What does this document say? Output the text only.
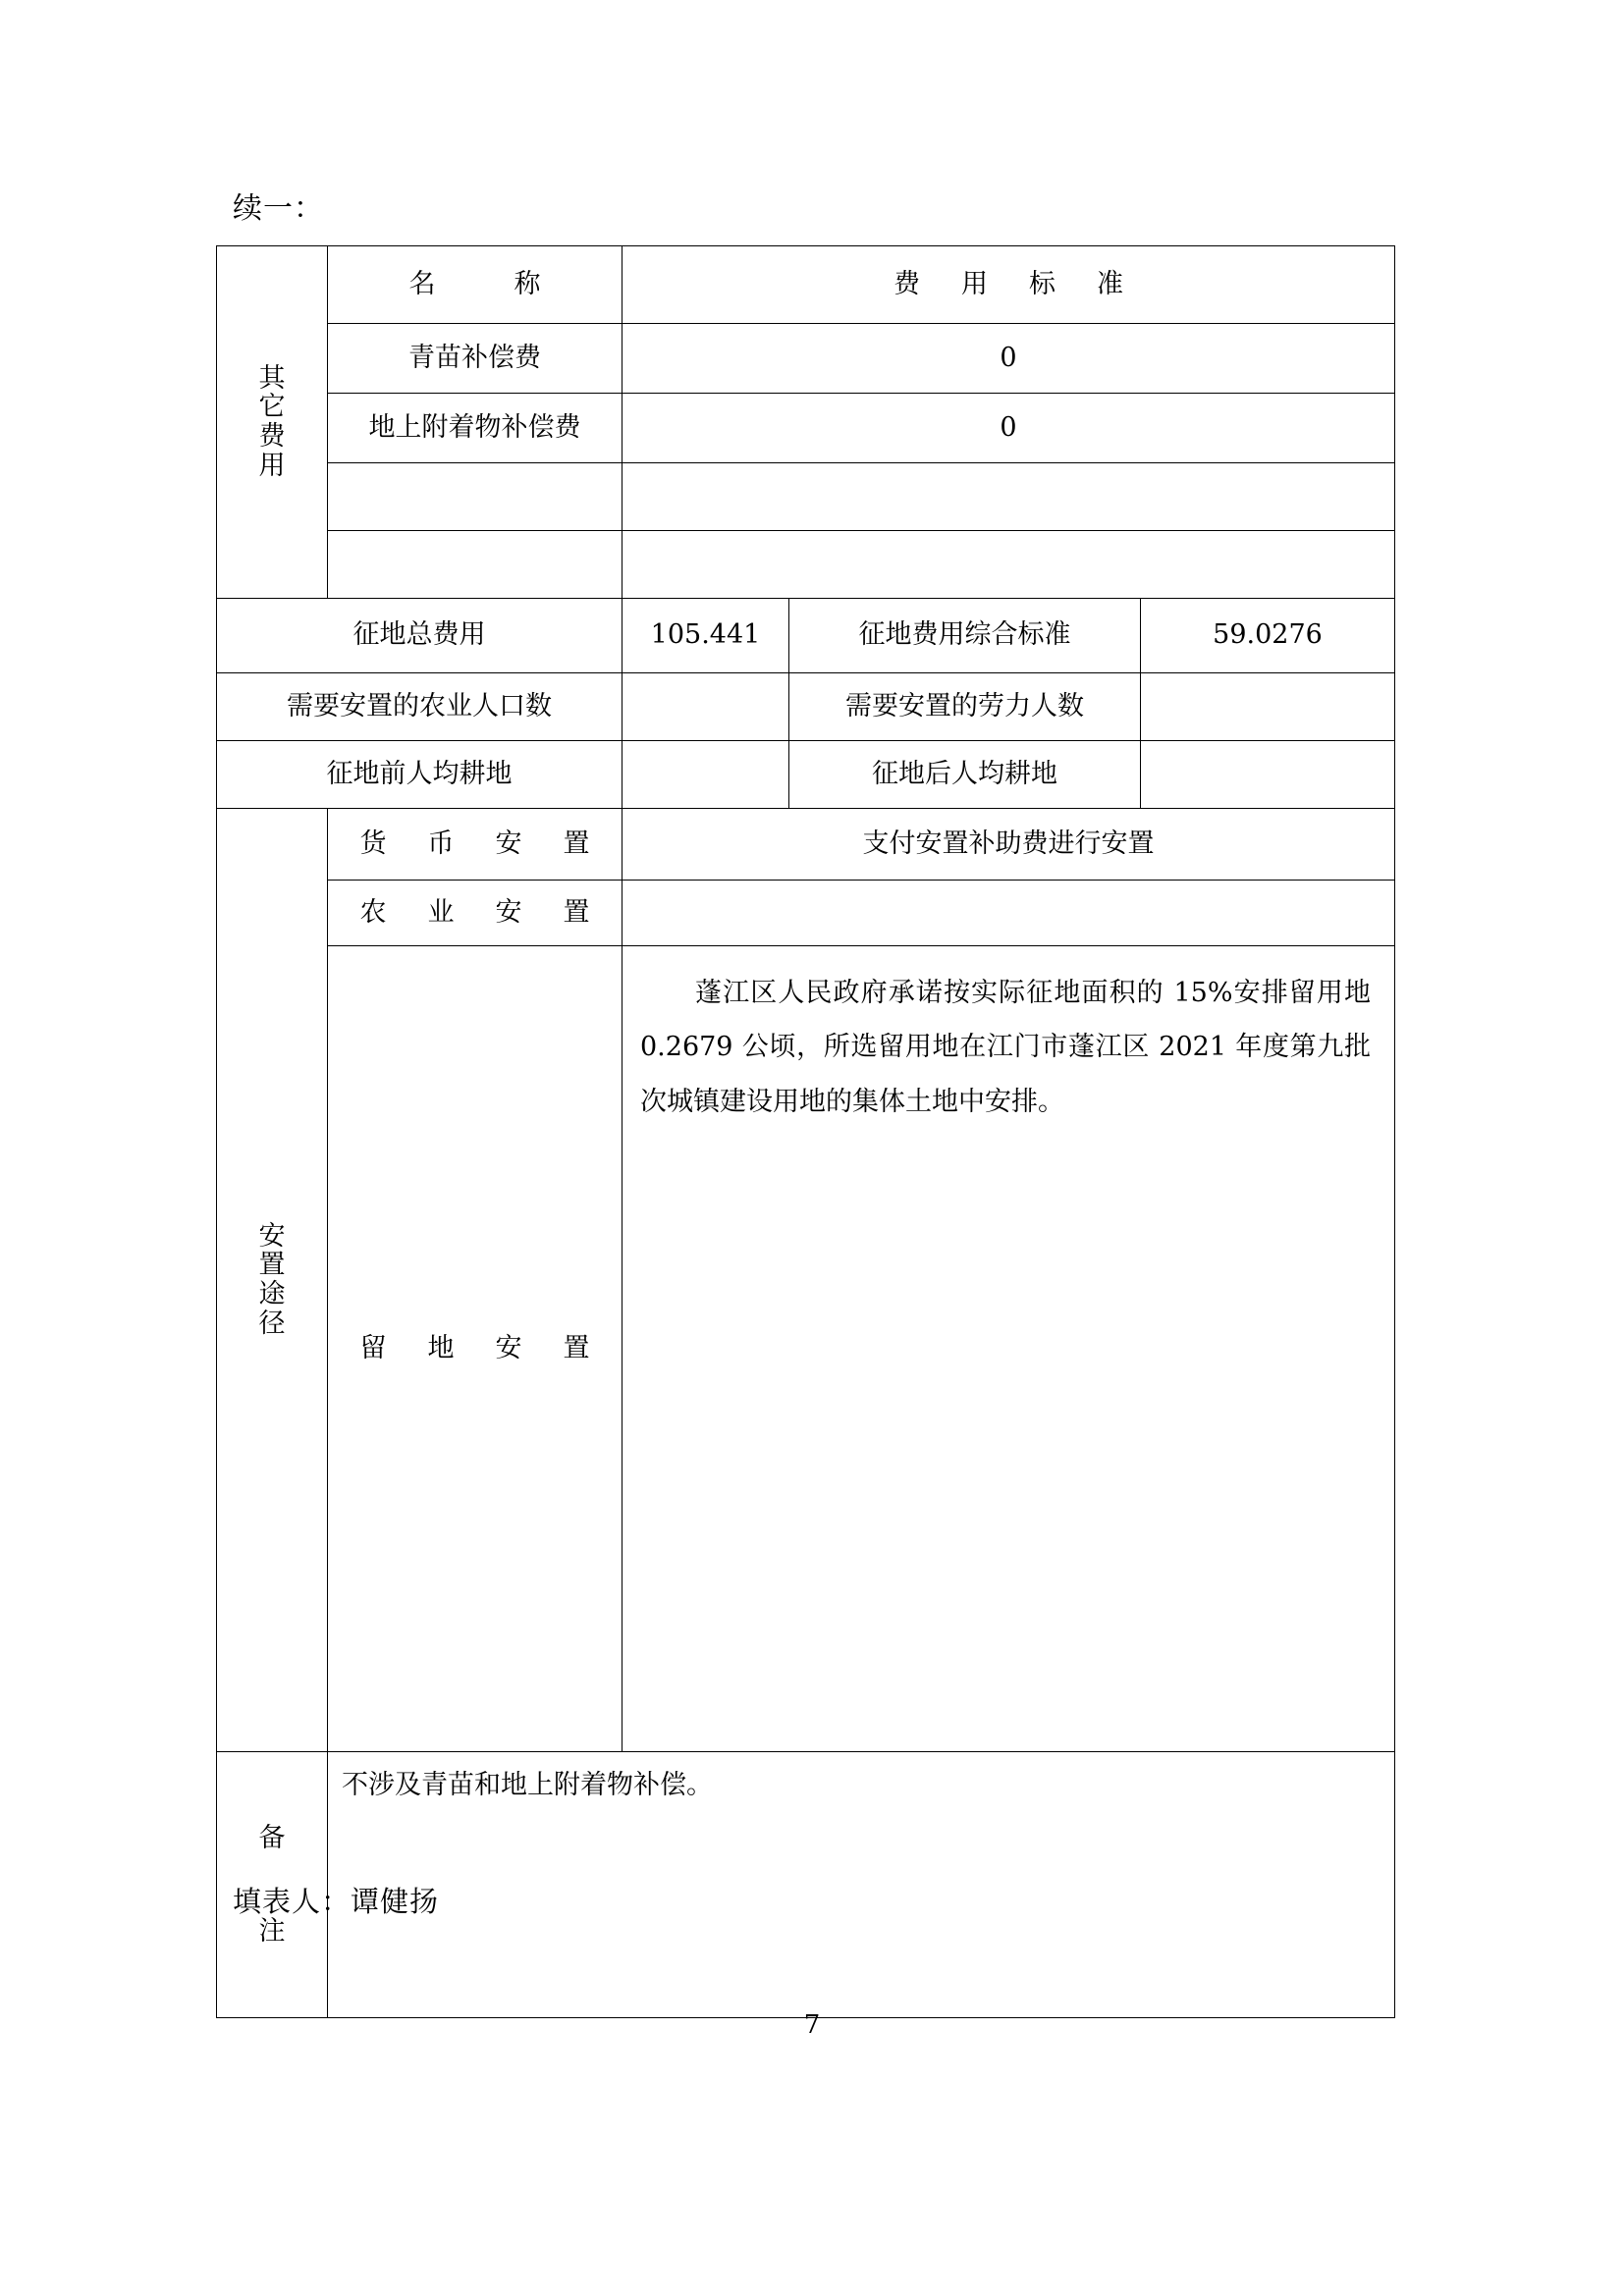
续一：
其
它
费
用	名 称	费 用 标 准		
	青苗补偿费	0		
	地上附着物补偿费	0		

征地总费用		105.441	征地费用综合标准	59.0276
需要安置的农业人口数			需要安置的劳力人数	
征地前人均耕地			征地后人均耕地	

安
置
途
径	货 币 安 置	支付安置补助费进行安置		
	农 业 安 置			
	留 地 安 置	蓬江区人民政府承诺按实际征地面积的 15%安排留用地 0.2679 公顷，所选留用地在江门市蓬江区 2021 年度第九批次城镇建设用地的集体土地中安排。		

备
注	不涉及青苗和地上附着物补偿。			
填表人：谭健扬
7
